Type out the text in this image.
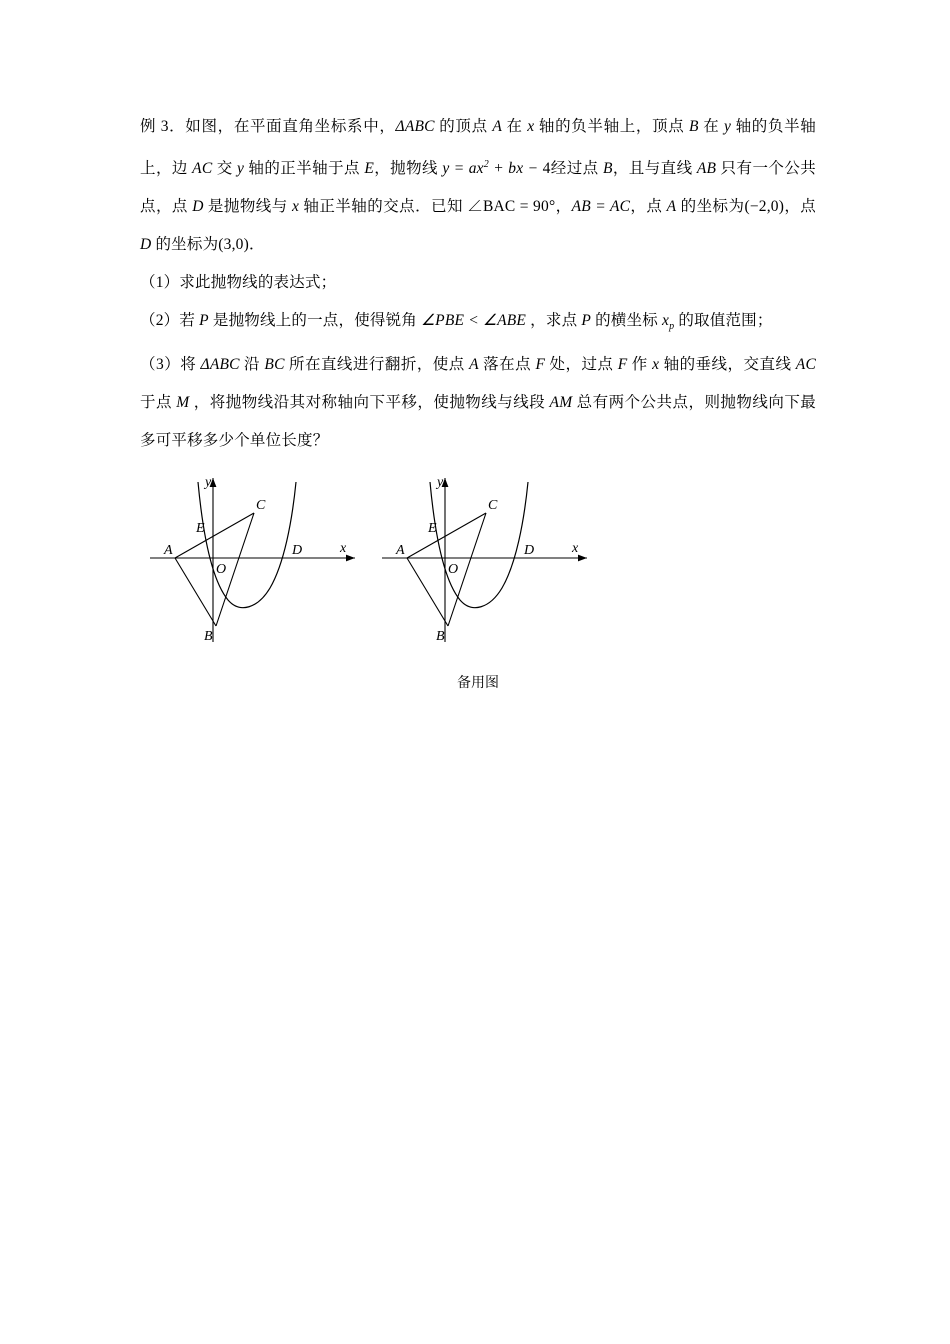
例 3．如图，在平面直角坐标系中，ΔABC 的顶点 A 在 x 轴的负半轴上，顶点 B 在 y 轴的负半轴上，边 AC 交 y 轴的正半轴于点 E，抛物线 $y = ax^2$ + bx − 4经过点 B，且与直线 AB 只有一个公共点，点 D 是抛物线与 x 轴正半轴的交点．已知 ∠BAC = 90°，AB = AC，点 A 的坐标为(−2,0)，点 D 的坐标为(3,0)．

（1）求此抛物线的表达式；

（2）若 P 是抛物线上的一点，使得锐角 ∠PBE < ∠ABE ，求点 P 的横坐标 $x_p$ 的取值范围；

（3）将 ΔABC 沿 BC 所在直线进行翻折，使点 A 落在点 F 处，过点 F 作 x 轴的垂线，交直线 AC 于点 M ，将抛物线沿其对称轴向下平移，使抛物线与线段 AM 总有两个公共点，则抛物线向下最多可平移多少个单位长度？

A
B
C
D
E
O
y
x	A
B
C
D
E
O
y
x
备用图
